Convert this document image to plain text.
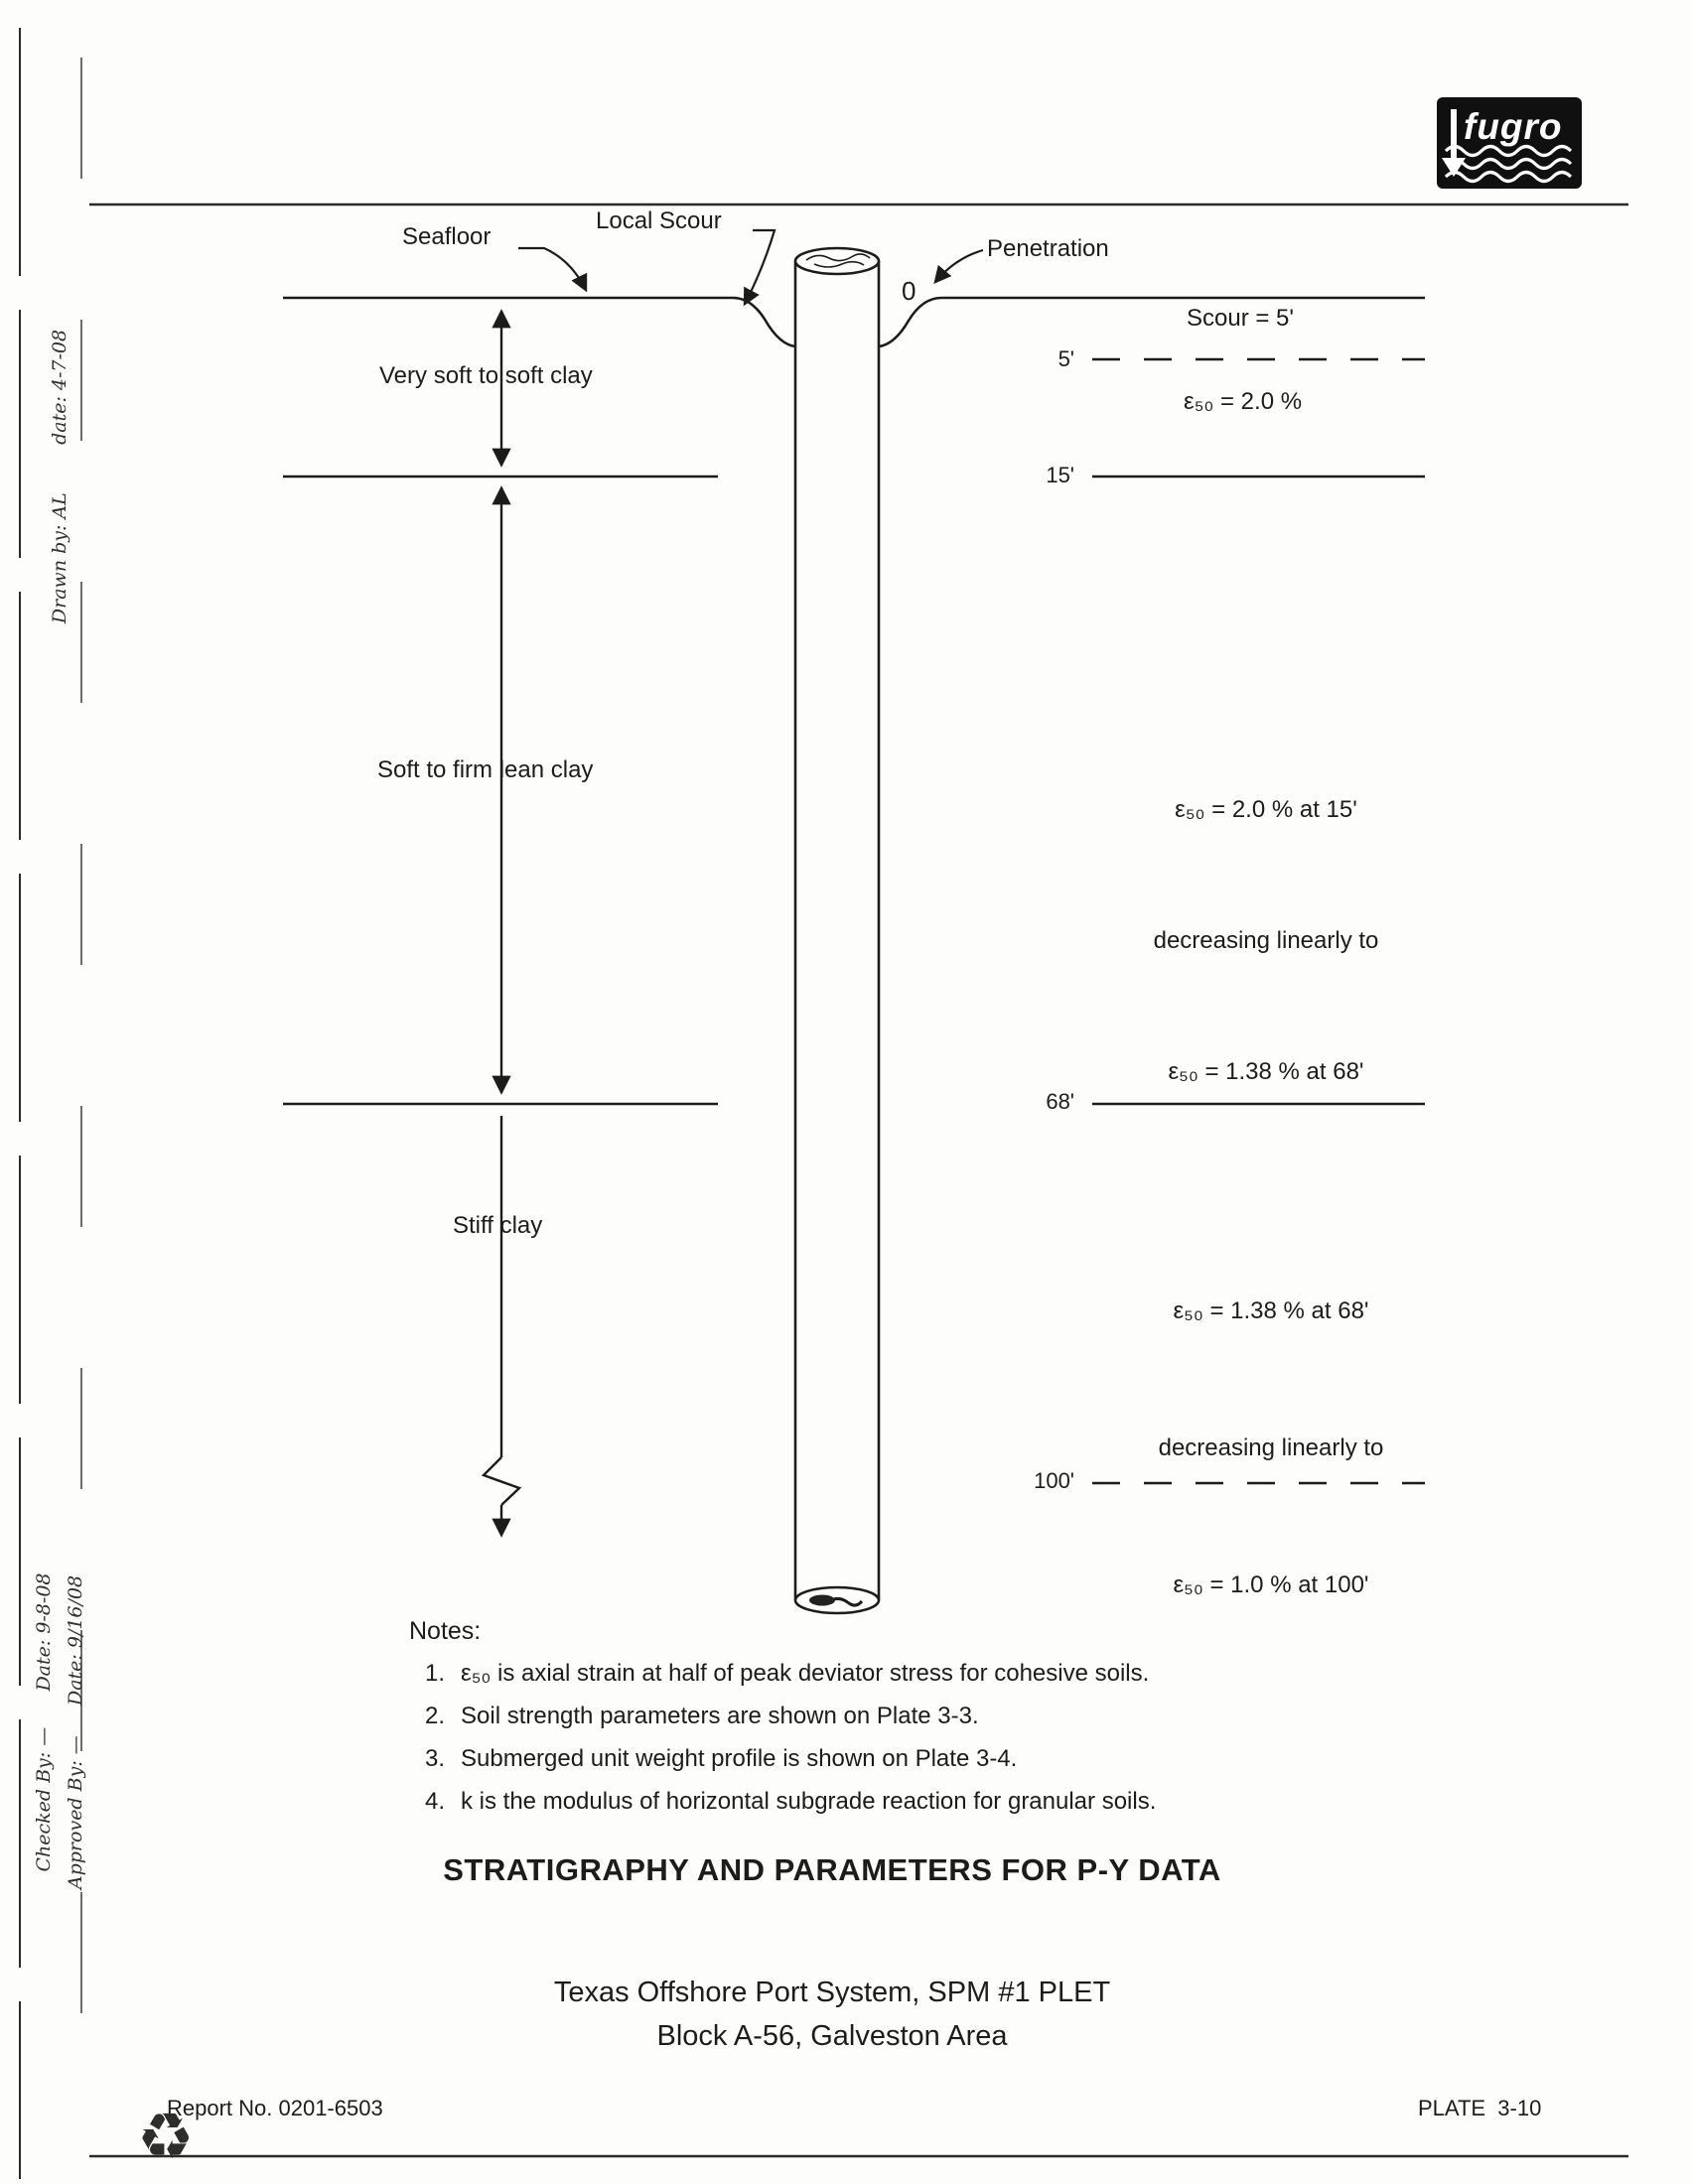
fugro
Seafloor
Local Scour
Penetration
0
Scour = 5'
ε₅₀ = 2.0 %
5'
15'
68'
100'
Very soft to soft clay
Soft to firm lean clay
Stiff clay

ε₅₀ = 2.0 % at 15'

decreasing linearly to

ε₅₀ = 1.38 % at 68'

ε₅₀ = 1.38 % at 68'

decreasing linearly to

ε₅₀ = 1.0 % at 100'

Notes:
1. ε₅₀ is axial strain at half of peak deviator stress for cohesive soils.
2. Soil strength parameters are shown on Plate 3-3.
3. Submerged unit weight profile is shown on Plate 3-4.
4. k is the modulus of horizontal subgrade reaction for granular soils.
STRATIGRAPHY AND PARAMETERS FOR P-Y DATA
Texas Offshore Port System, SPM #1 PLET
Block A-56, Galveston Area
Report No. 0201-6503	PLATE  3-10
♻
Drawn by: AL        date: 4-7-08
Checked By: —      Date: 9-8-08 Approved By: —     Date: 9/16/08
